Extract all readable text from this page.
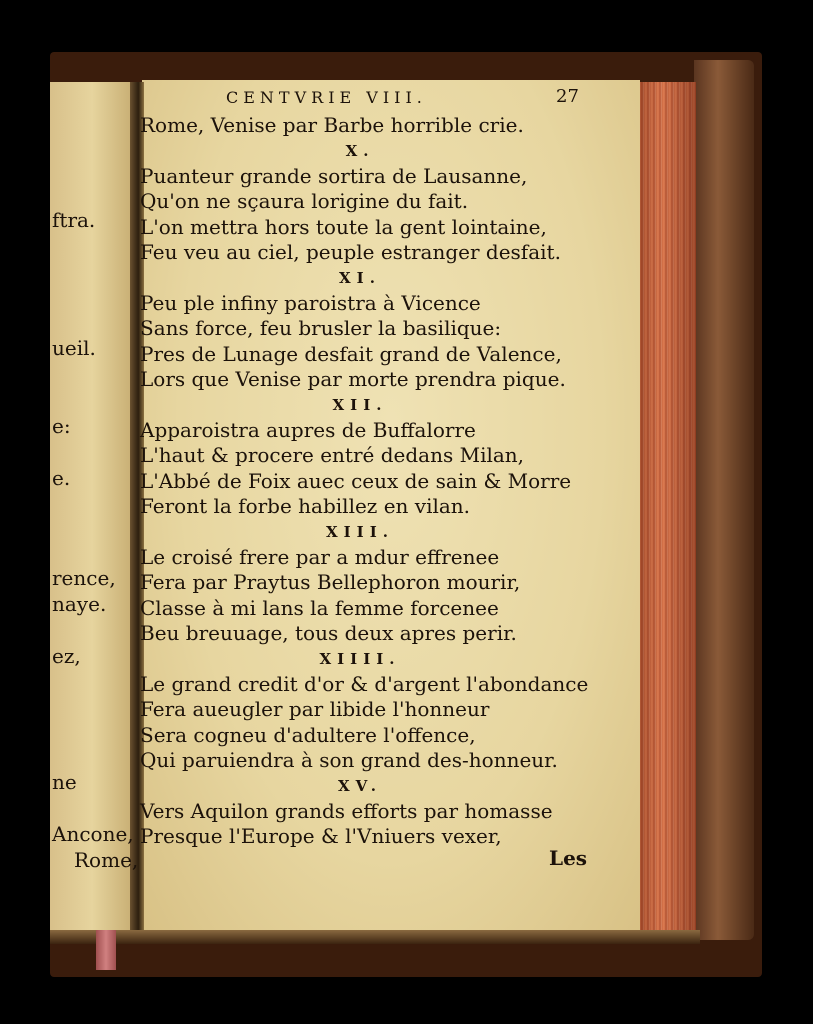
ftra.
ueil.
e:
e.
rence,
naye.
ez,
ne
Ancone,
Rome,
CENTVRIE VIII.	27
Rome, Venise par Barbe horrible crie.
X.
Puanteur grande sortira de Lausanne,
Qu'on ne sçaura lorigine du fait.
L'on mettra hors toute la gent lointaine,
Feu veu au ciel, peuple estranger desfait.
XI.
Peu ple infiny paroistra à Vicence
Sans force, feu brusler la basilique:
Pres de Lunage desfait grand de Valence,
Lors que Venise par morte prendra pique.
XII.
Apparoistra aupres de Buffalorre
L'haut & procere entré dedans Milan,
L'Abbé de Foix auec ceux de sain & Morre
Feront la forbe habillez en vilan.
XIII.
Le croisé frere par a mdur effrenee
Fera par Praytus Bellephoron mourir,
Classe à mi lans la femme forcenee
Beu breuuage, tous deux apres perir.
XIIII.
Le grand credit d'or & d'argent l'abondance
Fera aueugler par libide l'honneur
Sera cogneu d'adultere l'offence,
Qui paruiendra à son grand des-honneur.
XV.
Vers Aquilon grands efforts par homasse
Presque l'Europe & l'Vniuers vexer,
Les
